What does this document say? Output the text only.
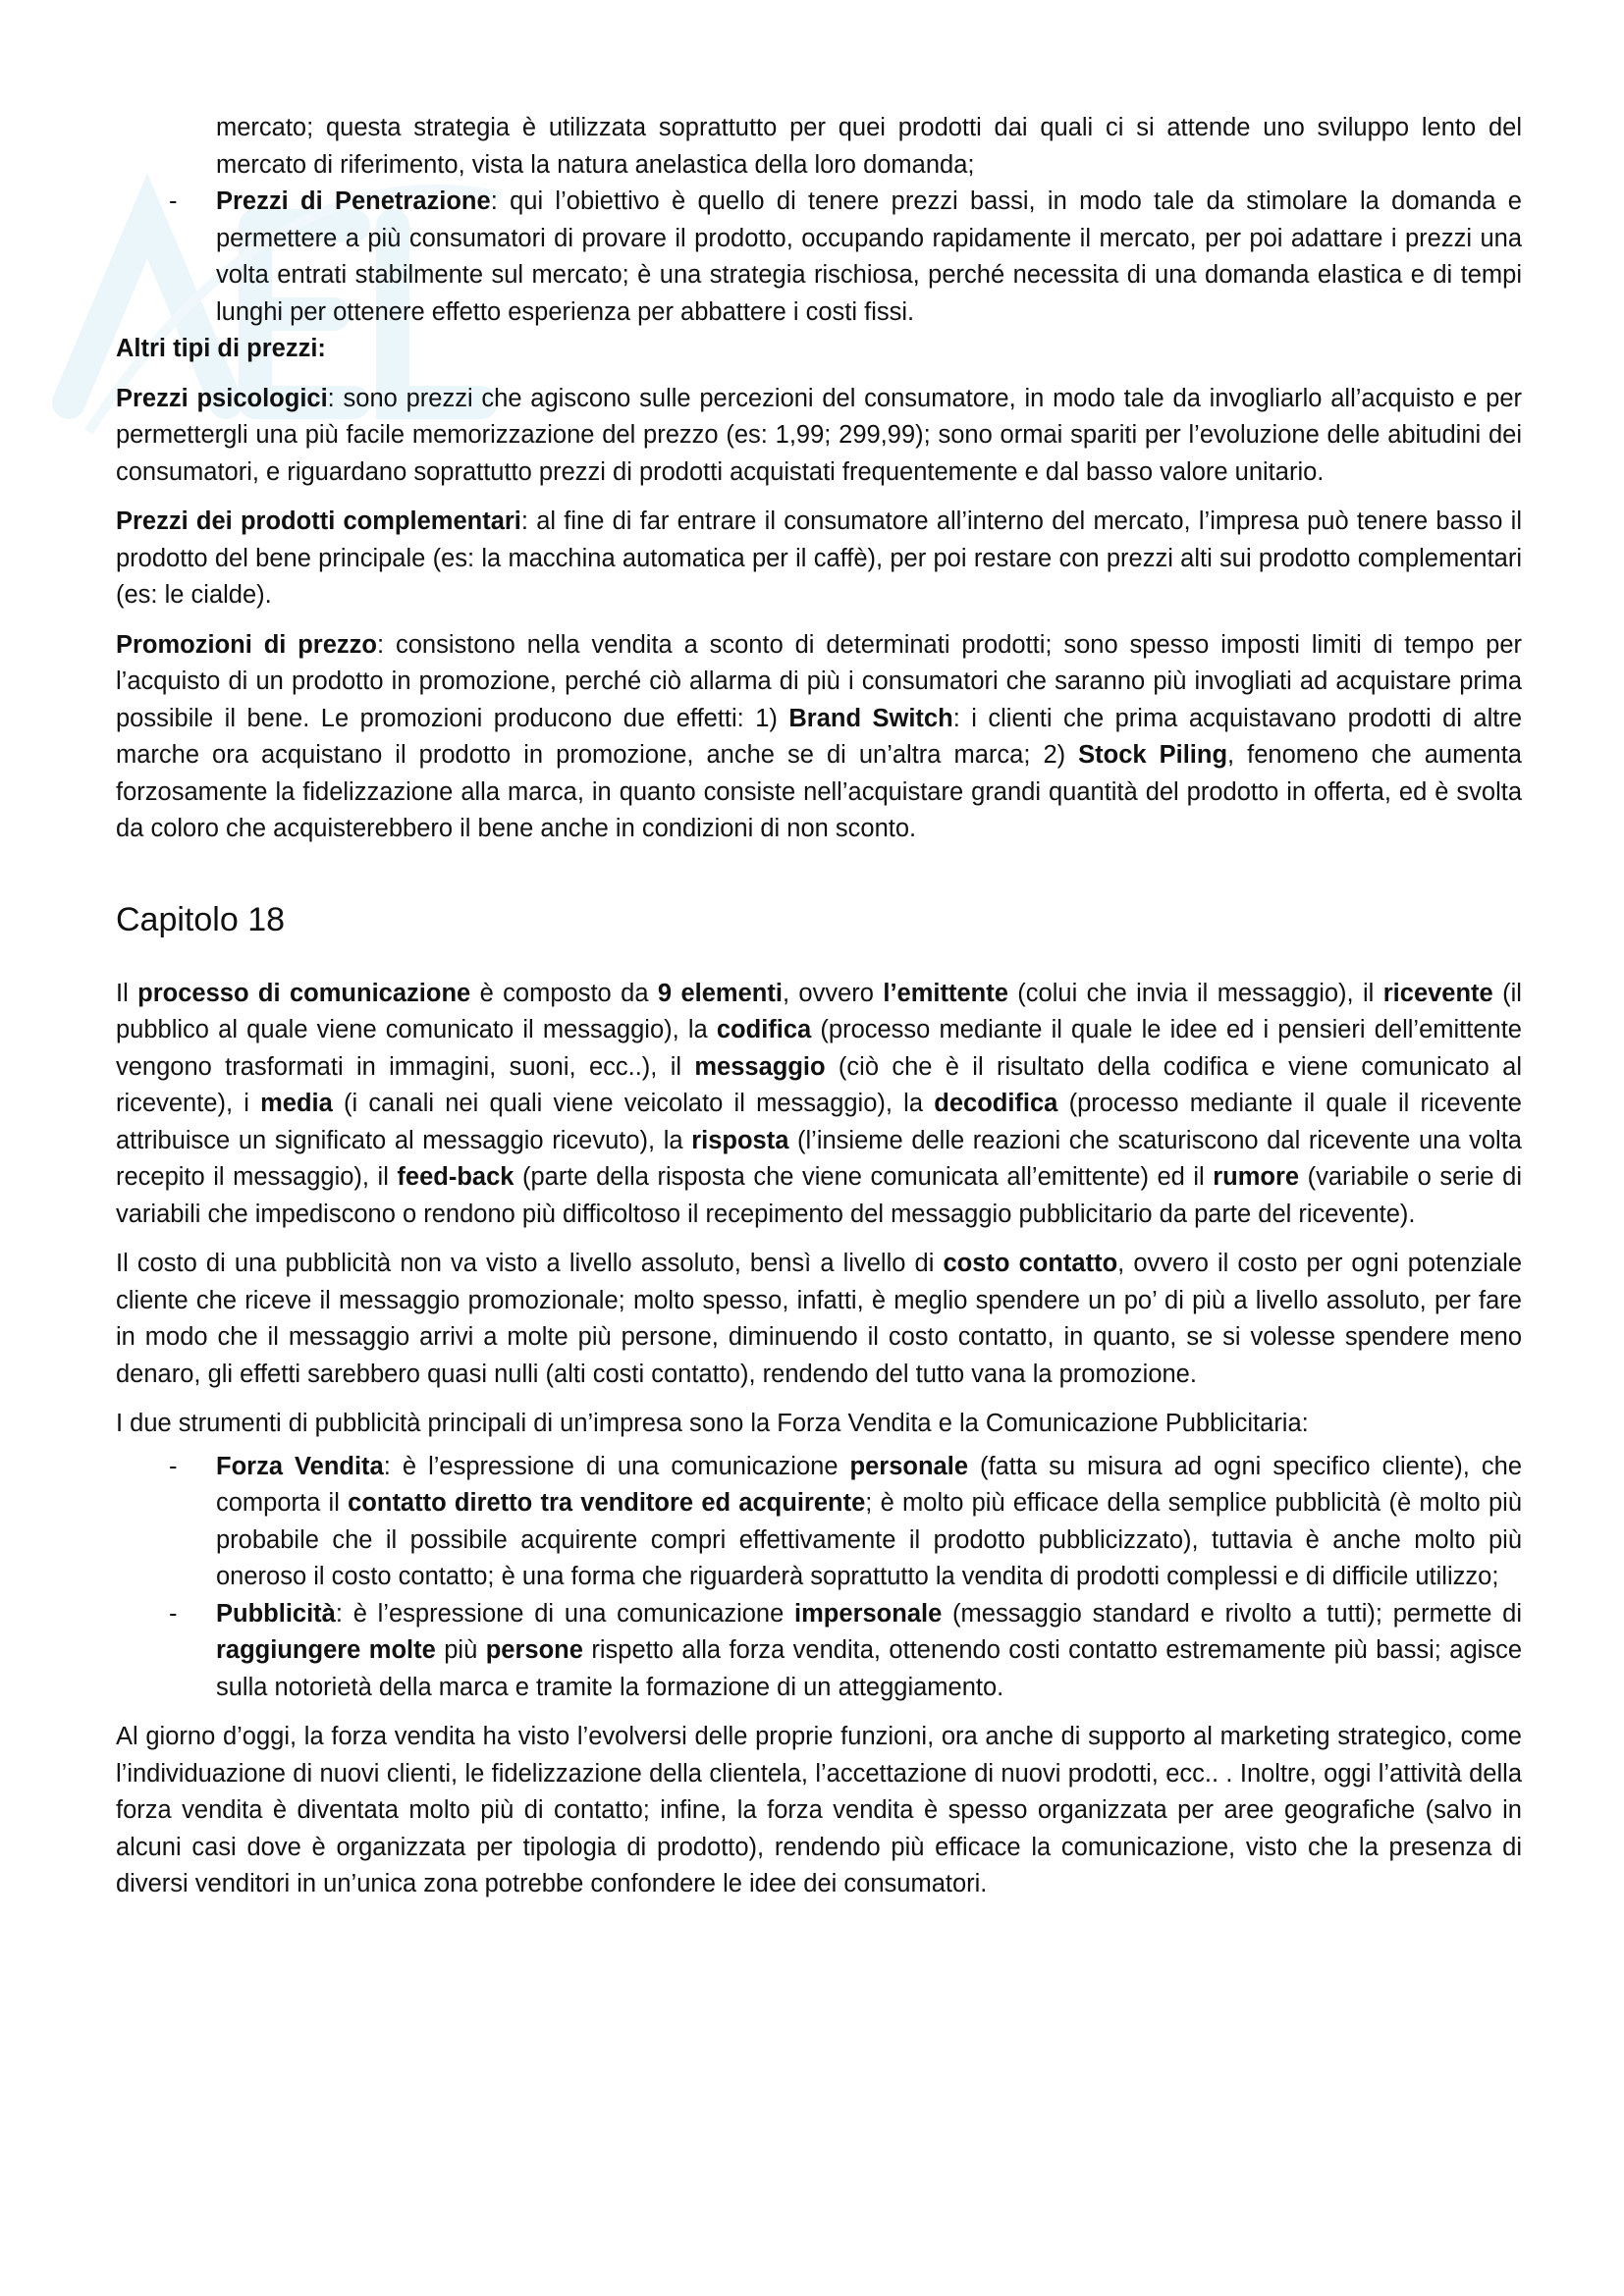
mercato; questa strategia è utilizzata soprattutto per quei prodotti dai quali ci si attende uno sviluppo lento del mercato di riferimento, vista la natura anelastica della loro domanda;

- Prezzi di Penetrazione: qui l’obiettivo è quello di tenere prezzi bassi, in modo tale da stimolare la domanda e permettere a più consumatori di provare il prodotto, occupando rapidamente il mercato, per poi adattare i prezzi una volta entrati stabilmente sul mercato; è una strategia rischiosa, perché necessita di una domanda elastica e di tempi lunghi per ottenere effetto esperienza per abbattere i costi fissi.

Altri tipi di prezzi:

Prezzi psicologici: sono prezzi che agiscono sulle percezioni del consumatore, in modo tale da invogliarlo all’acquisto e per permettergli una più facile memorizzazione del prezzo (es: 1,99; 299,99); sono ormai spariti per l’evoluzione delle abitudini dei consumatori, e riguardano soprattutto prezzi di prodotti acquistati frequentemente e dal basso valore unitario.

Prezzi dei prodotti complementari: al fine di far entrare il consumatore all’interno del mercato, l’impresa può tenere basso il prodotto del bene principale (es: la macchina automatica per il caffè), per poi restare con prezzi alti sui prodotto complementari (es: le cialde).

Promozioni di prezzo: consistono nella vendita a sconto di determinati prodotti; sono spesso imposti limiti di tempo per l’acquisto di un prodotto in promozione, perché ciò allarma di più i consumatori che saranno più invogliati ad acquistare prima possibile il bene. Le promozioni producono due effetti: 1) Brand Switch: i clienti che prima acquistavano prodotti di altre marche ora acquistano il prodotto in promozione, anche se di un’altra marca; 2) Stock Piling, fenomeno che aumenta forzosamente la fidelizzazione alla marca, in quanto consiste nell’acquistare grandi quantità del prodotto in offerta, ed è svolta da coloro che acquisterebbero il bene anche in condizioni di non sconto.

Capitolo 18

Il processo di comunicazione è composto da 9 elementi, ovvero l’emittente (colui che invia il messaggio), il ricevente (il pubblico al quale viene comunicato il messaggio), la codifica (processo mediante il quale le idee ed i pensieri dell’emittente vengono trasformati in immagini, suoni, ecc..), il messaggio (ciò che è il risultato della codifica e viene comunicato al ricevente), i media (i canali nei quali viene veicolato il messaggio), la decodifica (processo mediante il quale il ricevente attribuisce un significato al messaggio ricevuto), la risposta (l’insieme delle reazioni che scaturiscono dal ricevente una volta recepito il messaggio), il feed-back (parte della risposta che viene comunicata all’emittente) ed il rumore (variabile o serie di variabili che impediscono o rendono più difficoltoso il recepimento del messaggio pubblicitario da parte del ricevente).

Il costo di una pubblicità non va visto a livello assoluto, bensì a livello di costo contatto, ovvero il costo per ogni potenziale cliente che riceve il messaggio promozionale; molto spesso, infatti, è meglio spendere un po’ di più a livello assoluto, per fare in modo che il messaggio arrivi a molte più persone, diminuendo il costo contatto, in quanto, se si volesse spendere meno denaro, gli effetti sarebbero quasi nulli (alti costi contatto), rendendo del tutto vana la promozione.

I due strumenti di pubblicità principali di un’impresa sono la Forza Vendita e la Comunicazione Pubblicitaria:

- Forza Vendita: è l’espressione di una comunicazione personale (fatta su misura ad ogni specifico cliente), che comporta il contatto diretto tra venditore ed acquirente; è molto più efficace della semplice pubblicità (è molto più probabile che il possibile acquirente compri effettivamente il prodotto pubblicizzato), tuttavia è anche molto più oneroso il costo contatto; è una forma che riguarderà soprattutto la vendita di prodotti complessi e di difficile utilizzo;

- Pubblicità: è l’espressione di una comunicazione impersonale (messaggio standard e rivolto a tutti); permette di raggiungere molte più persone rispetto alla forza vendita, ottenendo costi contatto estremamente più bassi; agisce sulla notorietà della marca e tramite la formazione di un atteggiamento.

Al giorno d’oggi, la forza vendita ha visto l’evolversi delle proprie funzioni, ora anche di supporto al marketing strategico, come l’individuazione di nuovi clienti, le fidelizzazione della clientela, l’accettazione di nuovi prodotti, ecc.. . Inoltre, oggi l’attività della forza vendita è diventata molto più di contatto; infine, la forza vendita è spesso organizzata per aree geografiche (salvo in alcuni casi dove è organizzata per tipologia di prodotto), rendendo più efficace la comunicazione, visto che la presenza di diversi venditori in un’unica zona potrebbe confondere le idee dei consumatori.
